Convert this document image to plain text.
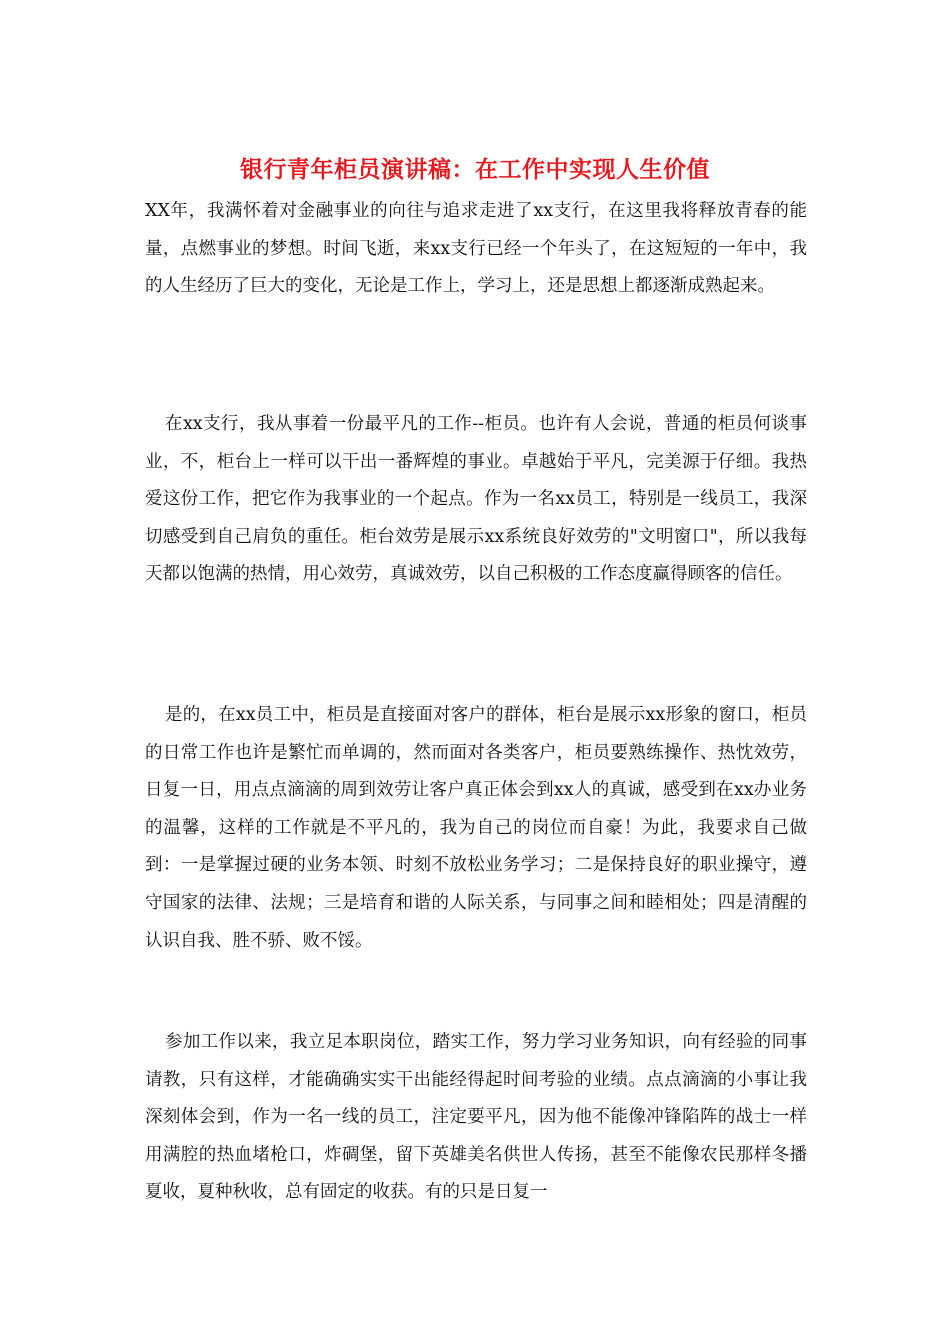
银行青年柜员演讲稿：在工作中实现人生价值

XX年，我满怀着对金融事业的向往与追求走进了xx支行，在这里我将释放青春的能量，点燃事业的梦想。时间飞逝，来xx支行已经一个年头了，在这短短的一年中，我的人生经历了巨大的变化，无论是工作上，学习上，还是思想上都逐渐成熟起来。

在xx支行，我从事着一份最平凡的工作--柜员。也许有人会说，普通的柜员何谈事业，不，柜台上一样可以干出一番辉煌的事业。卓越始于平凡，完美源于仔细。我热爱这份工作，把它作为我事业的一个起点。作为一名xx员工，特别是一线员工，我深切感受到自己肩负的重任。柜台效劳是展示xx系统良好效劳的"文明窗口"，所以我每天都以饱满的热情，用心效劳，真诚效劳，以自己积极的工作态度赢得顾客的信任。

是的，在xx员工中，柜员是直接面对客户的群体，柜台是展示xx形象的窗口，柜员的日常工作也许是繁忙而单调的，然而面对各类客户，柜员要熟练操作、热忱效劳，日复一日，用点点滴滴的周到效劳让客户真正体会到xx人的真诚，感受到在xx办业务的温馨，这样的工作就是不平凡的，我为自己的岗位而自豪！为此，我要求自己做到：一是掌握过硬的业务本领、时刻不放松业务学习；二是保持良好的职业操守，遵守国家的法律、法规；三是培育和谐的人际关系，与同事之间和睦相处；四是清醒的认识自我、胜不骄、败不馁。

参加工作以来，我立足本职岗位，踏实工作，努力学习业务知识，向有经验的同事请教，只有这样，才能确确实实干出能经得起时间考验的业绩。点点滴滴的小事让我深刻体会到，作为一名一线的员工，注定要平凡，因为他不能像冲锋陷阵的战士一样用满腔的热血堵枪口，炸碉堡，留下英雄美名供世人传扬，甚至不能像农民那样冬播夏收，夏种秋收，总有固定的收获。有的只是日复一
